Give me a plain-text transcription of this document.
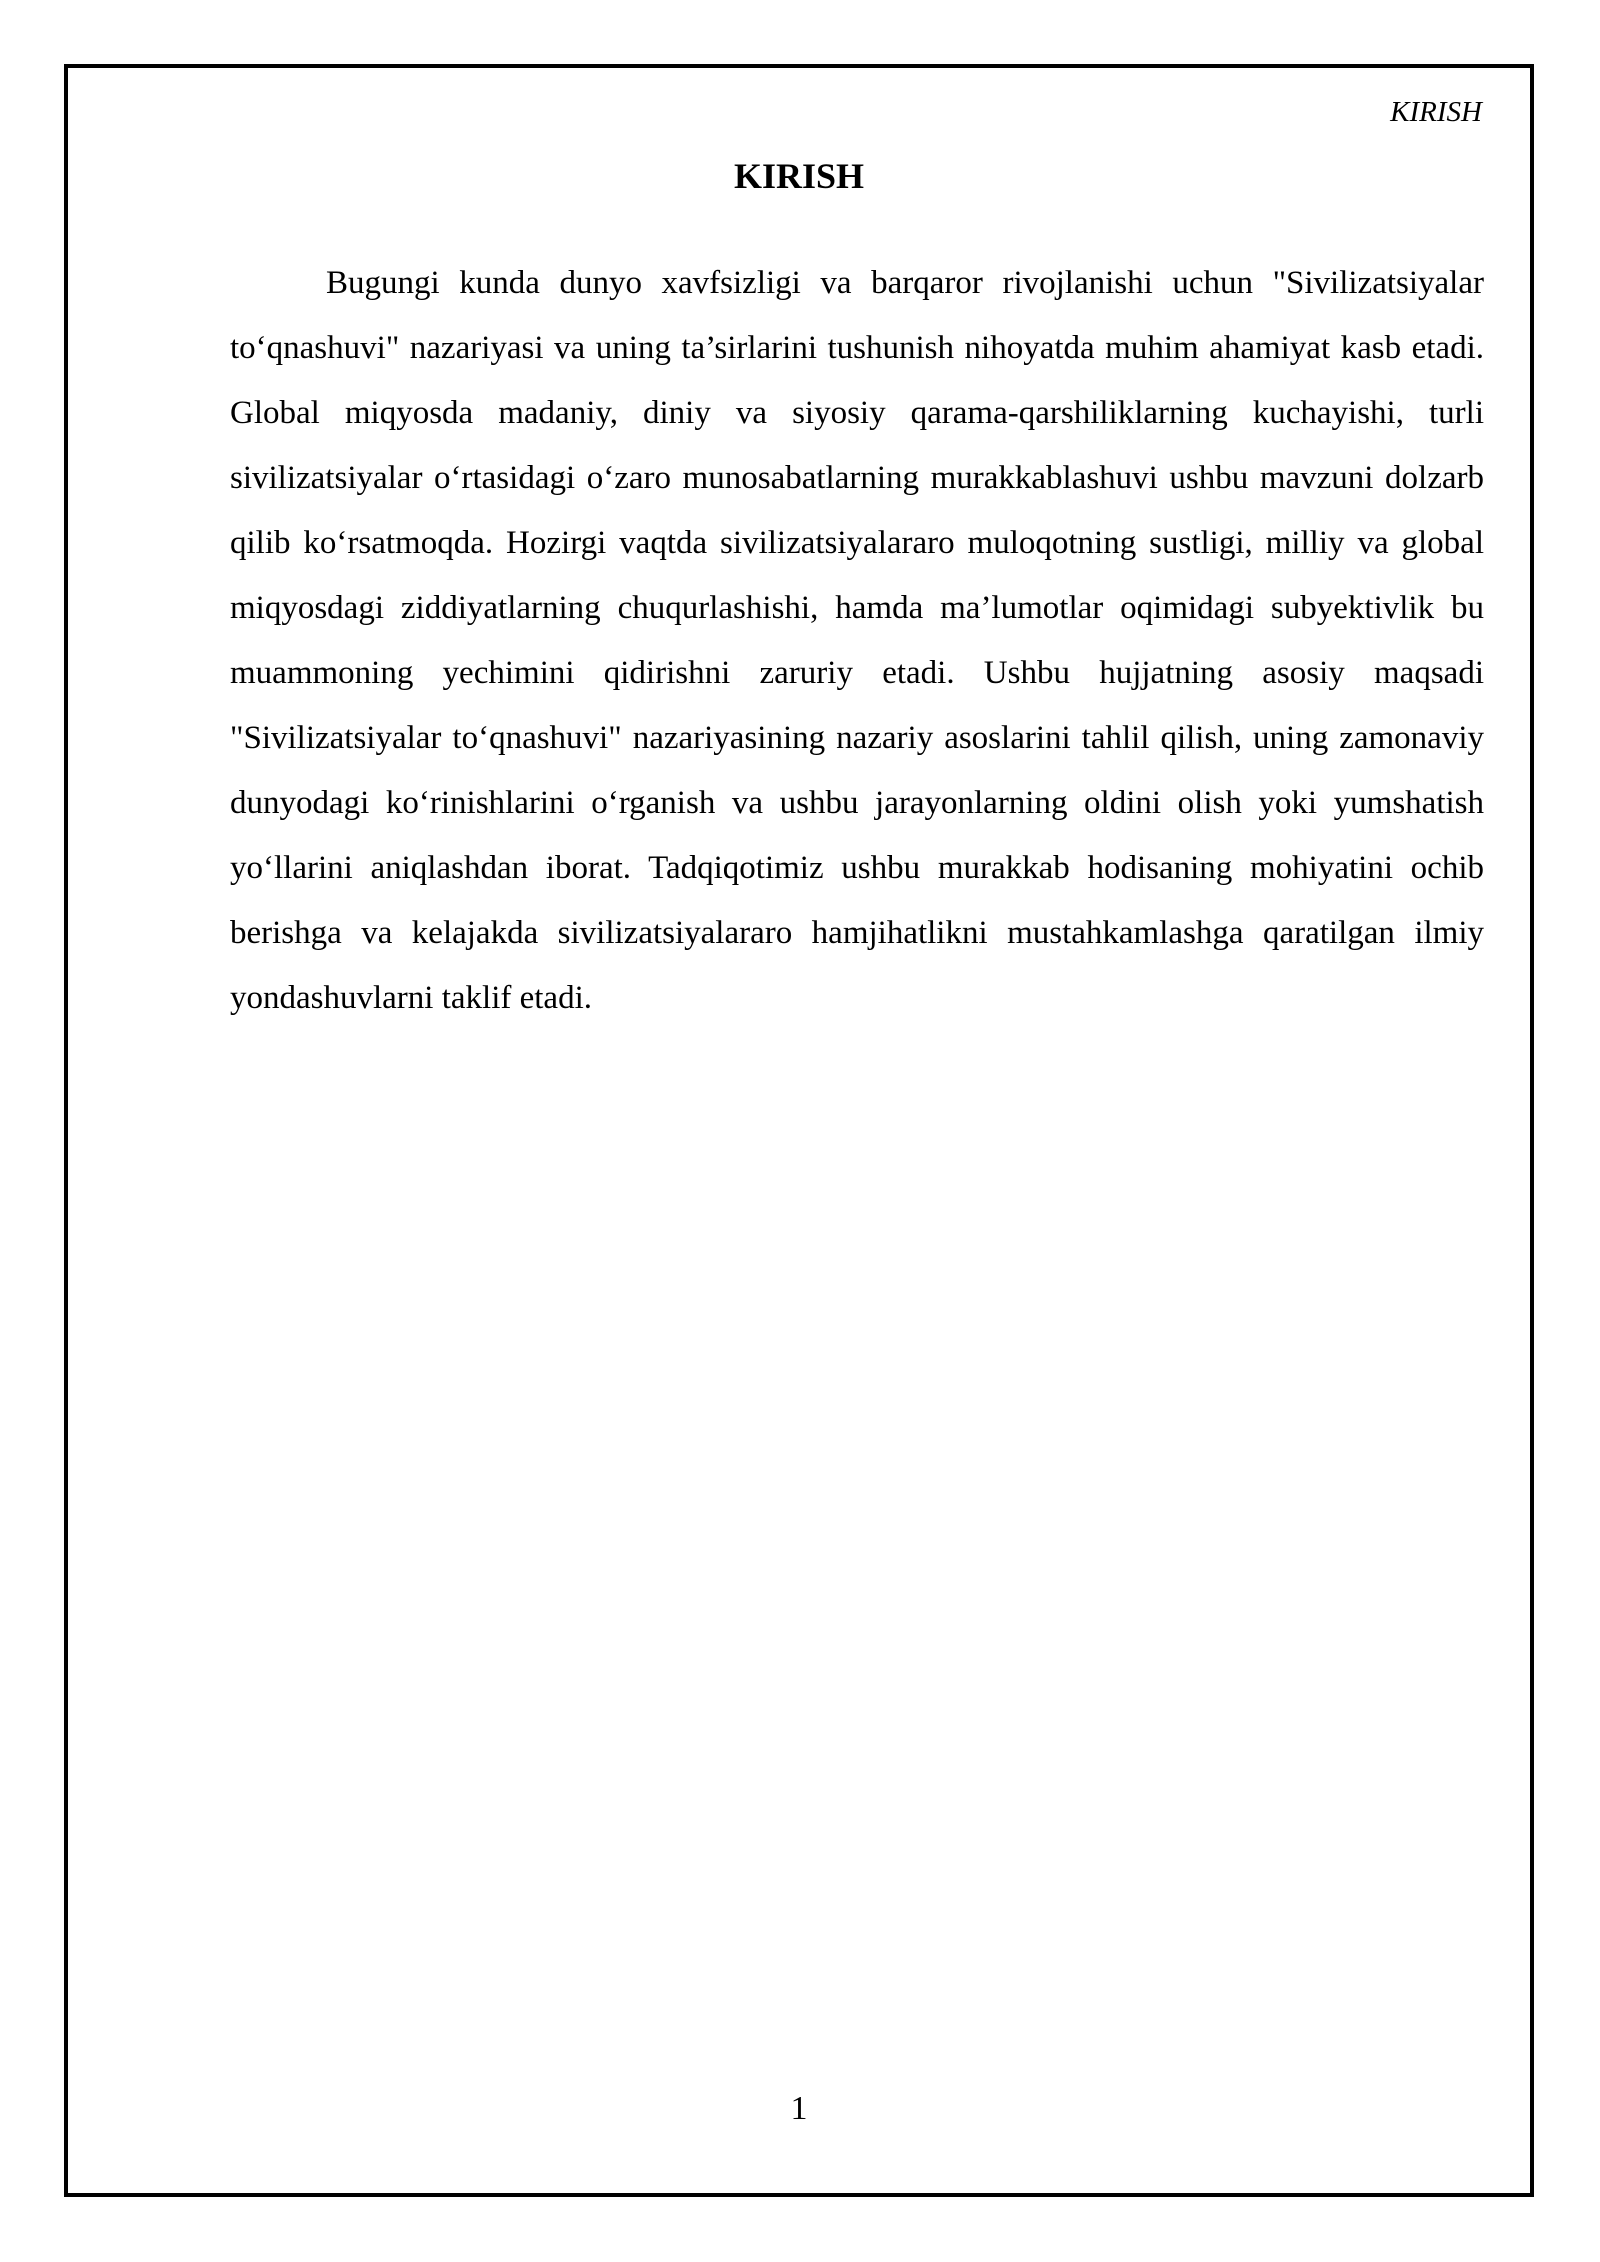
KIRISH
KIRISH

Bugungi kunda dunyo xavfsizligi va barqaror rivojlanishi uchun "Sivilizatsiyalar to‘qnashuvi" nazariyasi va uning ta’sirlarini tushunish nihoyatda muhim ahamiyat kasb etadi. Global miqyosda madaniy, diniy va siyosiy qarama-qarshiliklarning kuchayishi, turli sivilizatsiyalar o‘rtasidagi o‘zaro munosabatlarning murakkablashuvi ushbu mavzuni dolzarb qilib ko‘rsatmoqda. Hozirgi vaqtda sivilizatsiyalararo muloqotning sustligi, milliy va global miqyosdagi ziddiyatlarning chuqurlashishi, hamda ma’lumotlar oqimidagi subyektivlik bu muammoning yechimini qidirishni zaruriy etadi. Ushbu hujjatning asosiy maqsadi "Sivilizatsiyalar to‘qnashuvi" nazariyasining nazariy asoslarini tahlil qilish, uning zamonaviy dunyodagi ko‘rinishlarini o‘rganish va ushbu jarayonlarning oldini olish yoki yumshatish yo‘llarini aniqlashdan iborat. Tadqiqotimiz ushbu murakkab hodisaning mohiyatini ochib berishga va kelajakda sivilizatsiyalararo hamjihatlikni mustahkamlashga qaratilgan ilmiy yondashuvlarni taklif etadi.

1
